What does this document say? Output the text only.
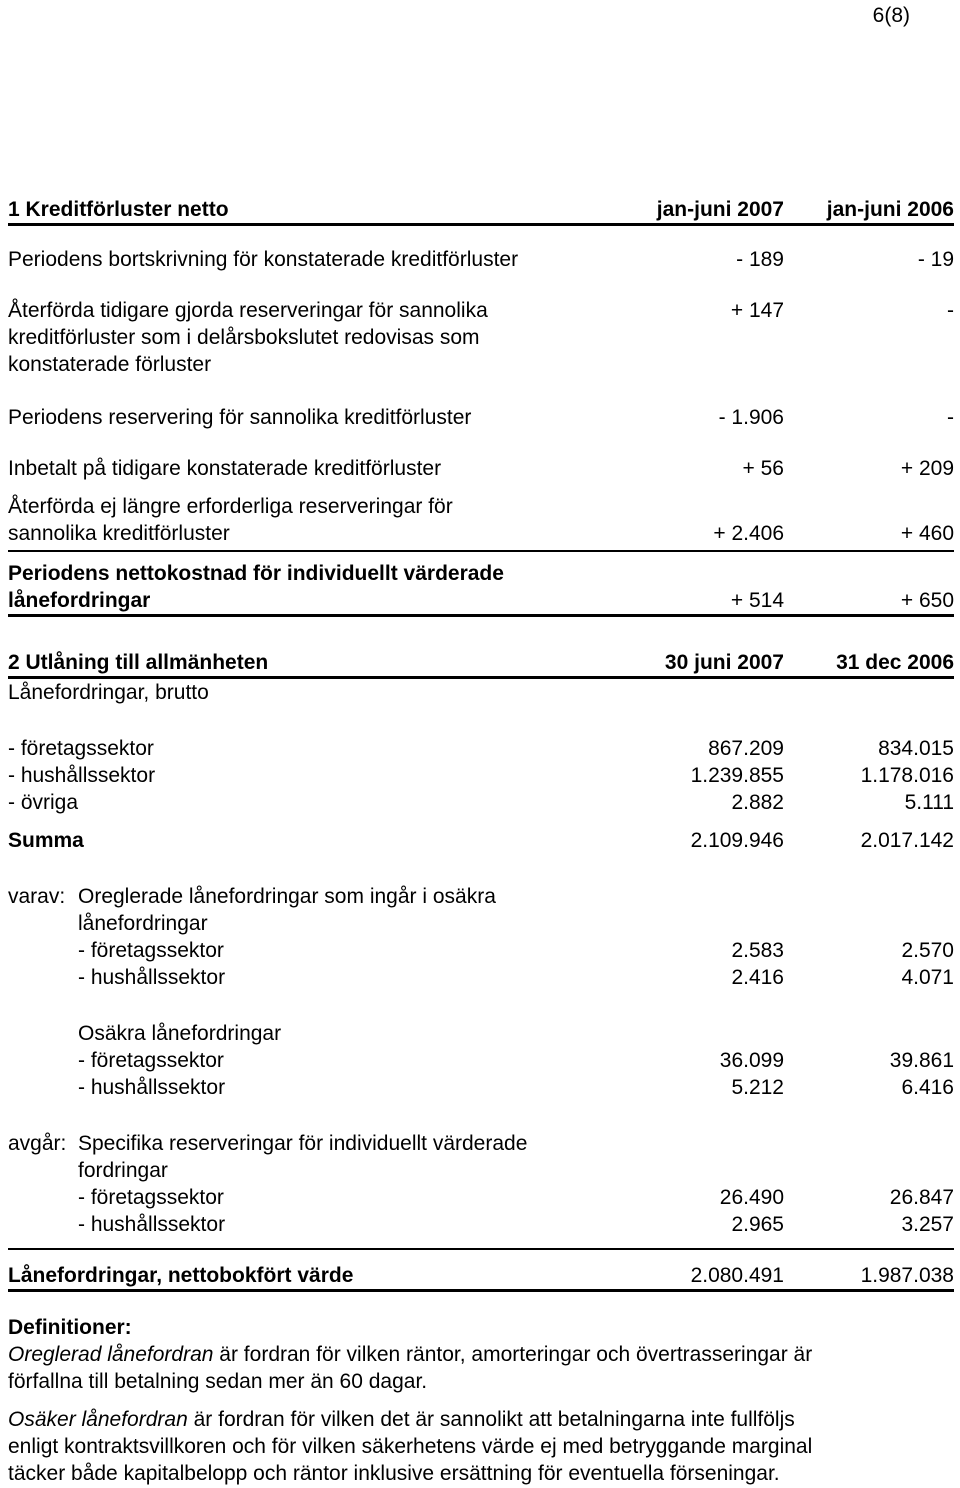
6(8)
1 Kreditförluster netto	jan-juni 2007	jan-juni 2006
Periodens bortskrivning för konstaterade kreditförluster	- 189	- 19
Återförda tidigare gjorda reserveringar för sannolika	+ 147	-
kreditförluster som i delårsbokslutet redovisas som
konstaterade förluster
Periodens reservering för sannolika kreditförluster	- 1.906	-
Inbetalt på tidigare konstaterade kreditförluster	+ 56	+ 209
Återförda ej längre erforderliga reserveringar för
sannolika kreditförluster	+ 2.406	+ 460
Periodens nettokostnad för individuellt värderade
lånefordringar	+ 514	+ 650
2 Utlåning till allmänheten	30 juni 2007	31 dec 2006
Lånefordringar, brutto
- företagssektor	867.209	834.015
- hushållssektor	1.239.855	1.178.016
- övriga	2.882	5.111
Summa	2.109.946	2.017.142
varav: Oreglerade lånefordringar som ingår i osäkra
lånefordringar
- företagssektor	2.583	2.570
- hushållssektor	2.416	4.071
Osäkra lånefordringar
- företagssektor	36.099	39.861
- hushållssektor	5.212	6.416
avgår: Specifika reserveringar för individuellt värderade
fordringar
- företagssektor	26.490	26.847
- hushållssektor	2.965	3.257
Lånefordringar, nettobokfört värde	2.080.491	1.987.038

Definitioner:

Oreglerad lånefordran är fordran för vilken räntor, amorteringar och övertrasseringar är

förfallna till betalning sedan mer än 60 dagar.

Osäker lånefordran är fordran för vilken det är sannolikt att betalningarna inte fullföljs

enligt kontraktsvillkoren och för vilken säkerhetens värde ej med betryggande marginal

täcker både kapitalbelopp och räntor inklusive ersättning för eventuella förseningar.
